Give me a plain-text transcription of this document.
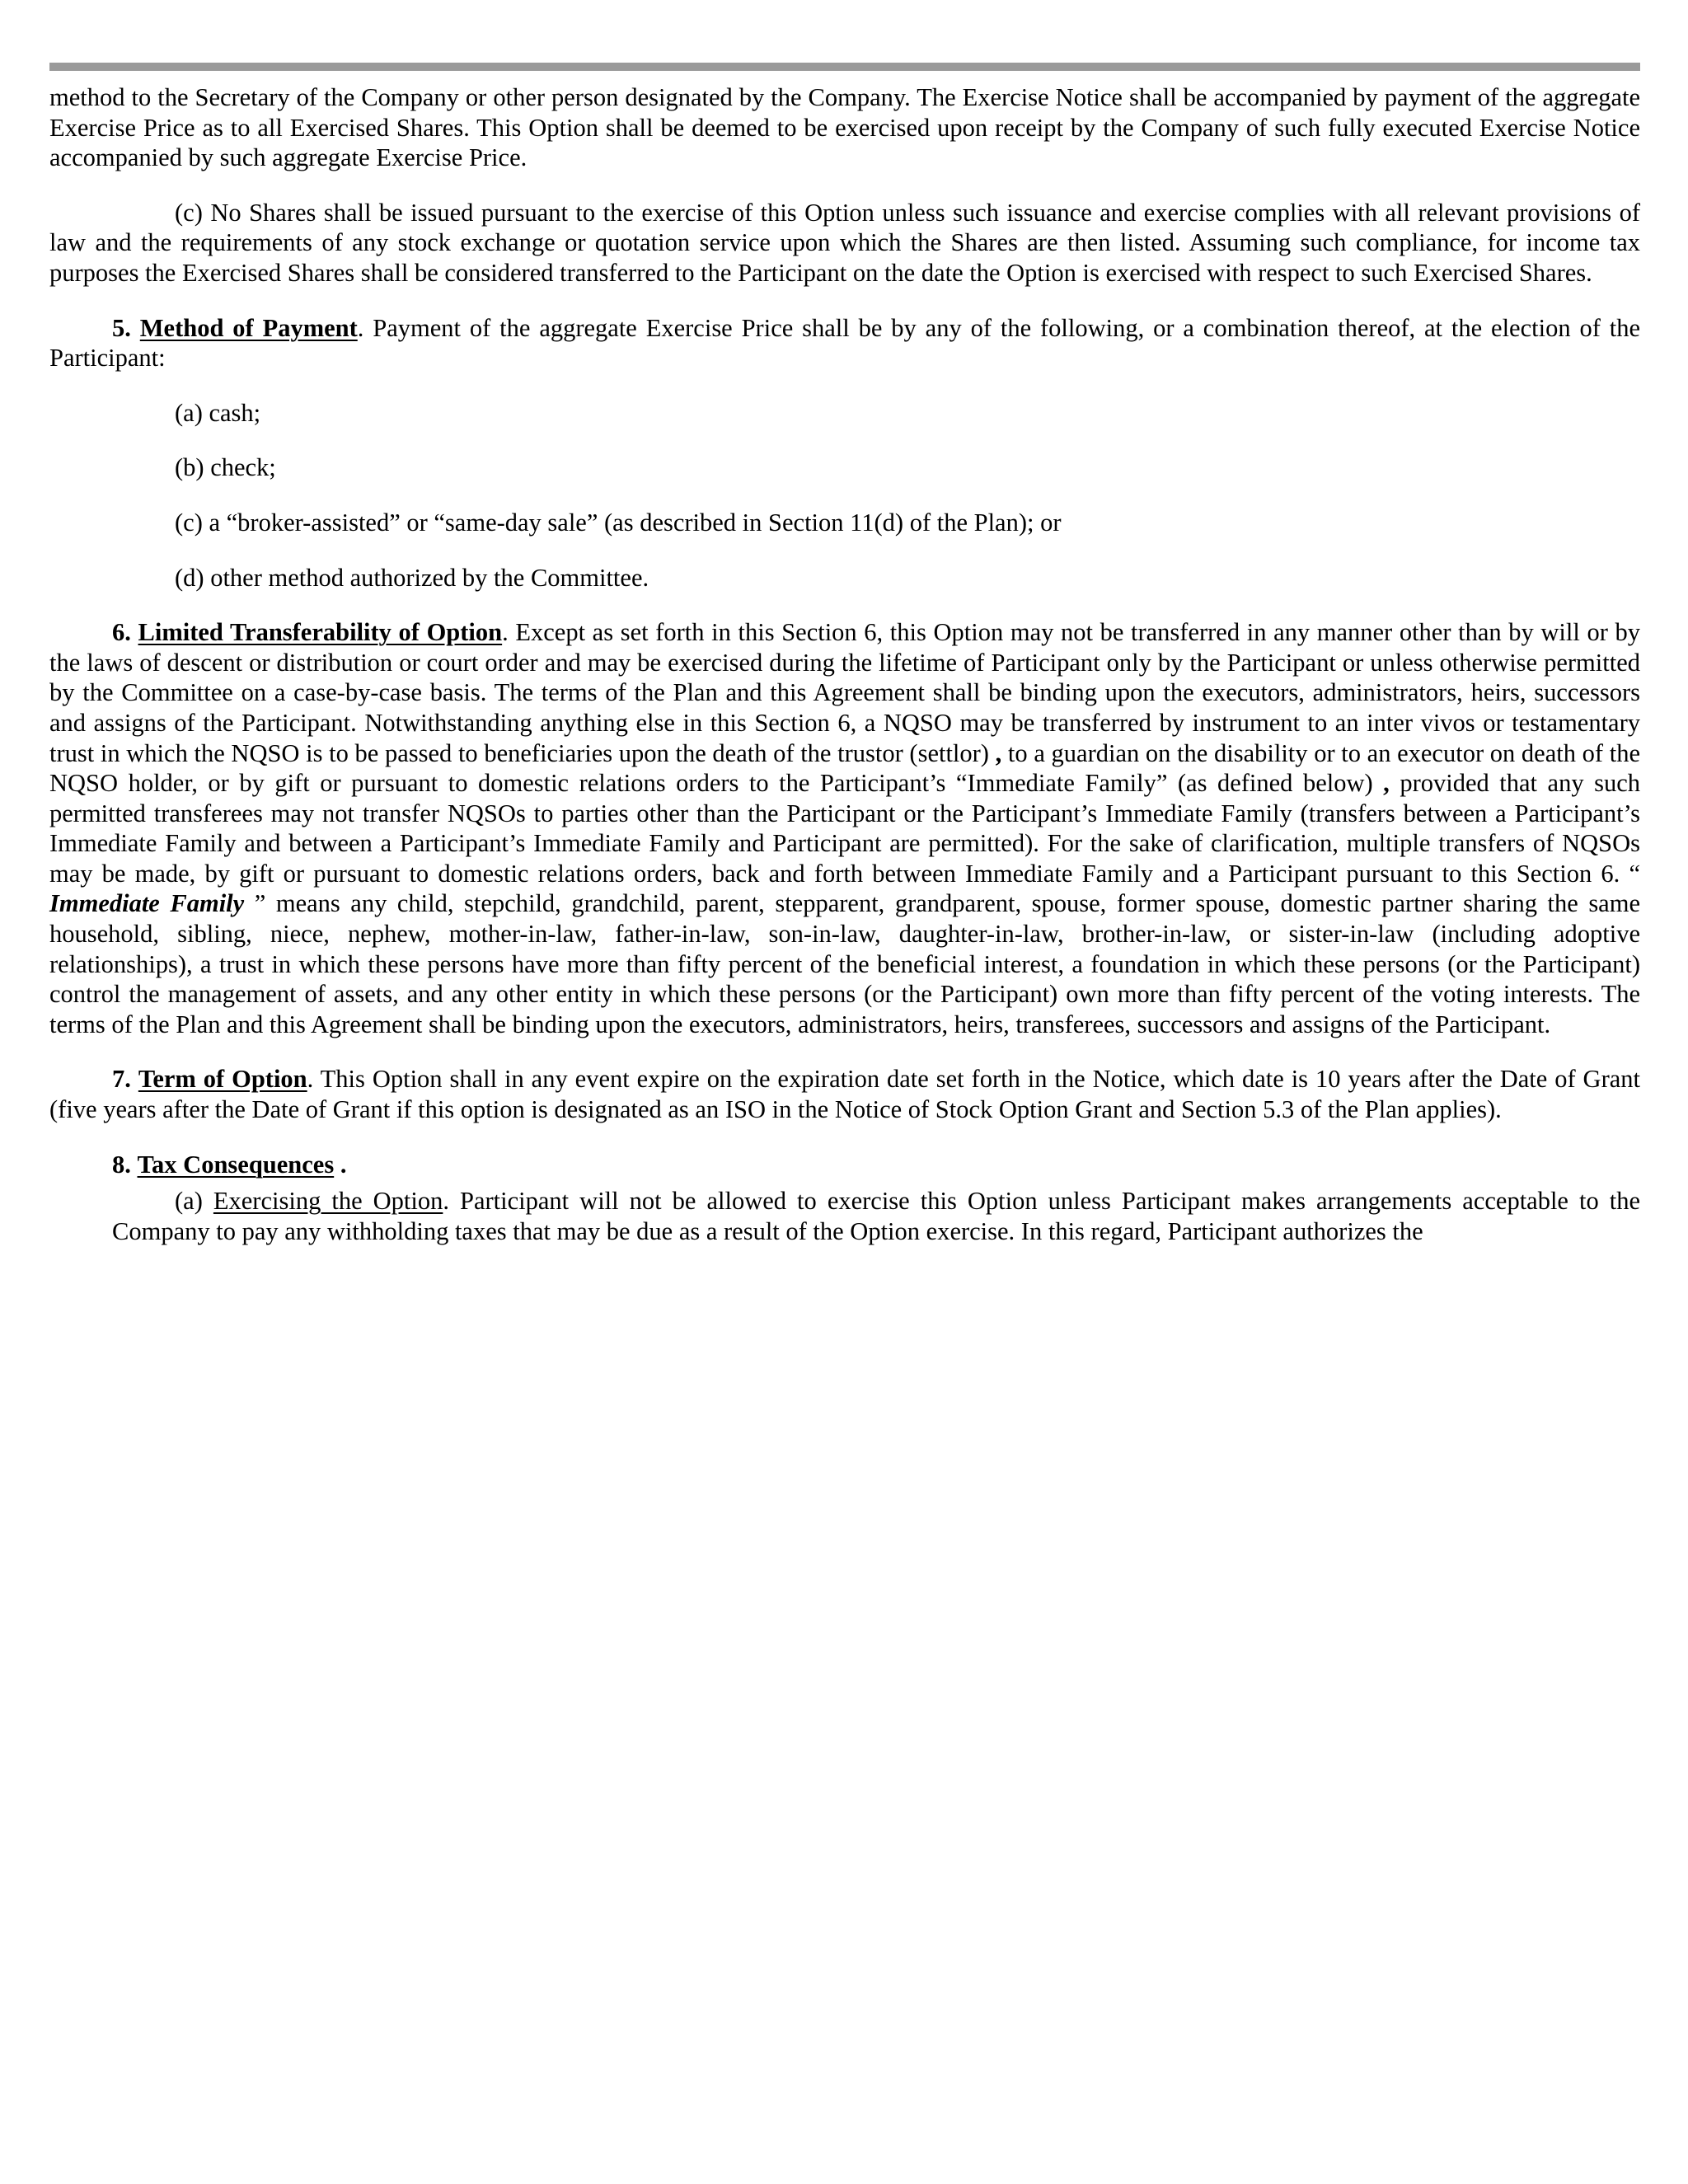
method to the Secretary of the Company or other person designated by the Company. The Exercise Notice shall be accompanied by payment of the aggregate Exercise Price as to all Exercised Shares. This Option shall be deemed to be exercised upon receipt by the Company of such fully executed Exercise Notice accompanied by such aggregate Exercise Price.

(c) No Shares shall be issued pursuant to the exercise of this Option unless such issuance and exercise complies with all relevant provisions of law and the requirements of any stock exchange or quotation service upon which the Shares are then listed. Assuming such compliance, for income tax purposes the Exercised Shares shall be considered transferred to the Participant on the date the Option is exercised with respect to such Exercised Shares.

5. Method of Payment. Payment of the aggregate Exercise Price shall be by any of the following, or a combination thereof, at the election of the Participant:

(a) cash;

(b) check;

(c) a “broker-assisted” or “same-day sale” (as described in Section 11(d) of the Plan); or

(d) other method authorized by the Committee.

6. Limited Transferability of Option. Except as set forth in this Section 6, this Option may not be transferred in any manner other than by will or by the laws of descent or distribution or court order and may be exercised during the lifetime of Participant only by the Participant or unless otherwise permitted by the Committee on a case-by-case basis. The terms of the Plan and this Agreement shall be binding upon the executors, administrators, heirs, successors and assigns of the Participant. Notwithstanding anything else in this Section 6, a NQSO may be transferred by instrument to an inter vivos or testamentary trust in which the NQSO is to be passed to beneficiaries upon the death of the trustor (settlor) , to a guardian on the disability or to an executor on death of the NQSO holder, or by gift or pursuant to domestic relations orders to the Participant’s “Immediate Family” (as defined below) , provided that any such permitted transferees may not transfer NQSOs to parties other than the Participant or the Participant’s Immediate Family (transfers between a Participant’s Immediate Family and between a Participant’s Immediate Family and Participant are permitted). For the sake of clarification, multiple transfers of NQSOs may be made, by gift or pursuant to domestic relations orders, back and forth between Immediate Family and a Participant pursuant to this Section 6. “ Immediate Family ” means any child, stepchild, grandchild, parent, stepparent, grandparent, spouse, former spouse, domestic partner sharing the same household, sibling, niece, nephew, mother-in-law, father-in-law, son-in-law, daughter-in-law, brother-in-law, or sister-in-law (including adoptive relationships), a trust in which these persons have more than fifty percent of the beneficial interest, a foundation in which these persons (or the Participant) control the management of assets, and any other entity in which these persons (or the Participant) own more than fifty percent of the voting interests. The terms of the Plan and this Agreement shall be binding upon the executors, administrators, heirs, transferees, successors and assigns of the Participant.

7. Term of Option. This Option shall in any event expire on the expiration date set forth in the Notice, which date is 10 years after the Date of Grant (five years after the Date of Grant if this option is designated as an ISO in the Notice of Stock Option Grant and Section 5.3 of the Plan applies).

8. Tax Consequences .

(a) Exercising the Option. Participant will not be allowed to exercise this Option unless Participant makes arrangements acceptable to the Company to pay any withholding taxes that may be due as a result of the Option exercise. In this regard, Participant authorizes the
